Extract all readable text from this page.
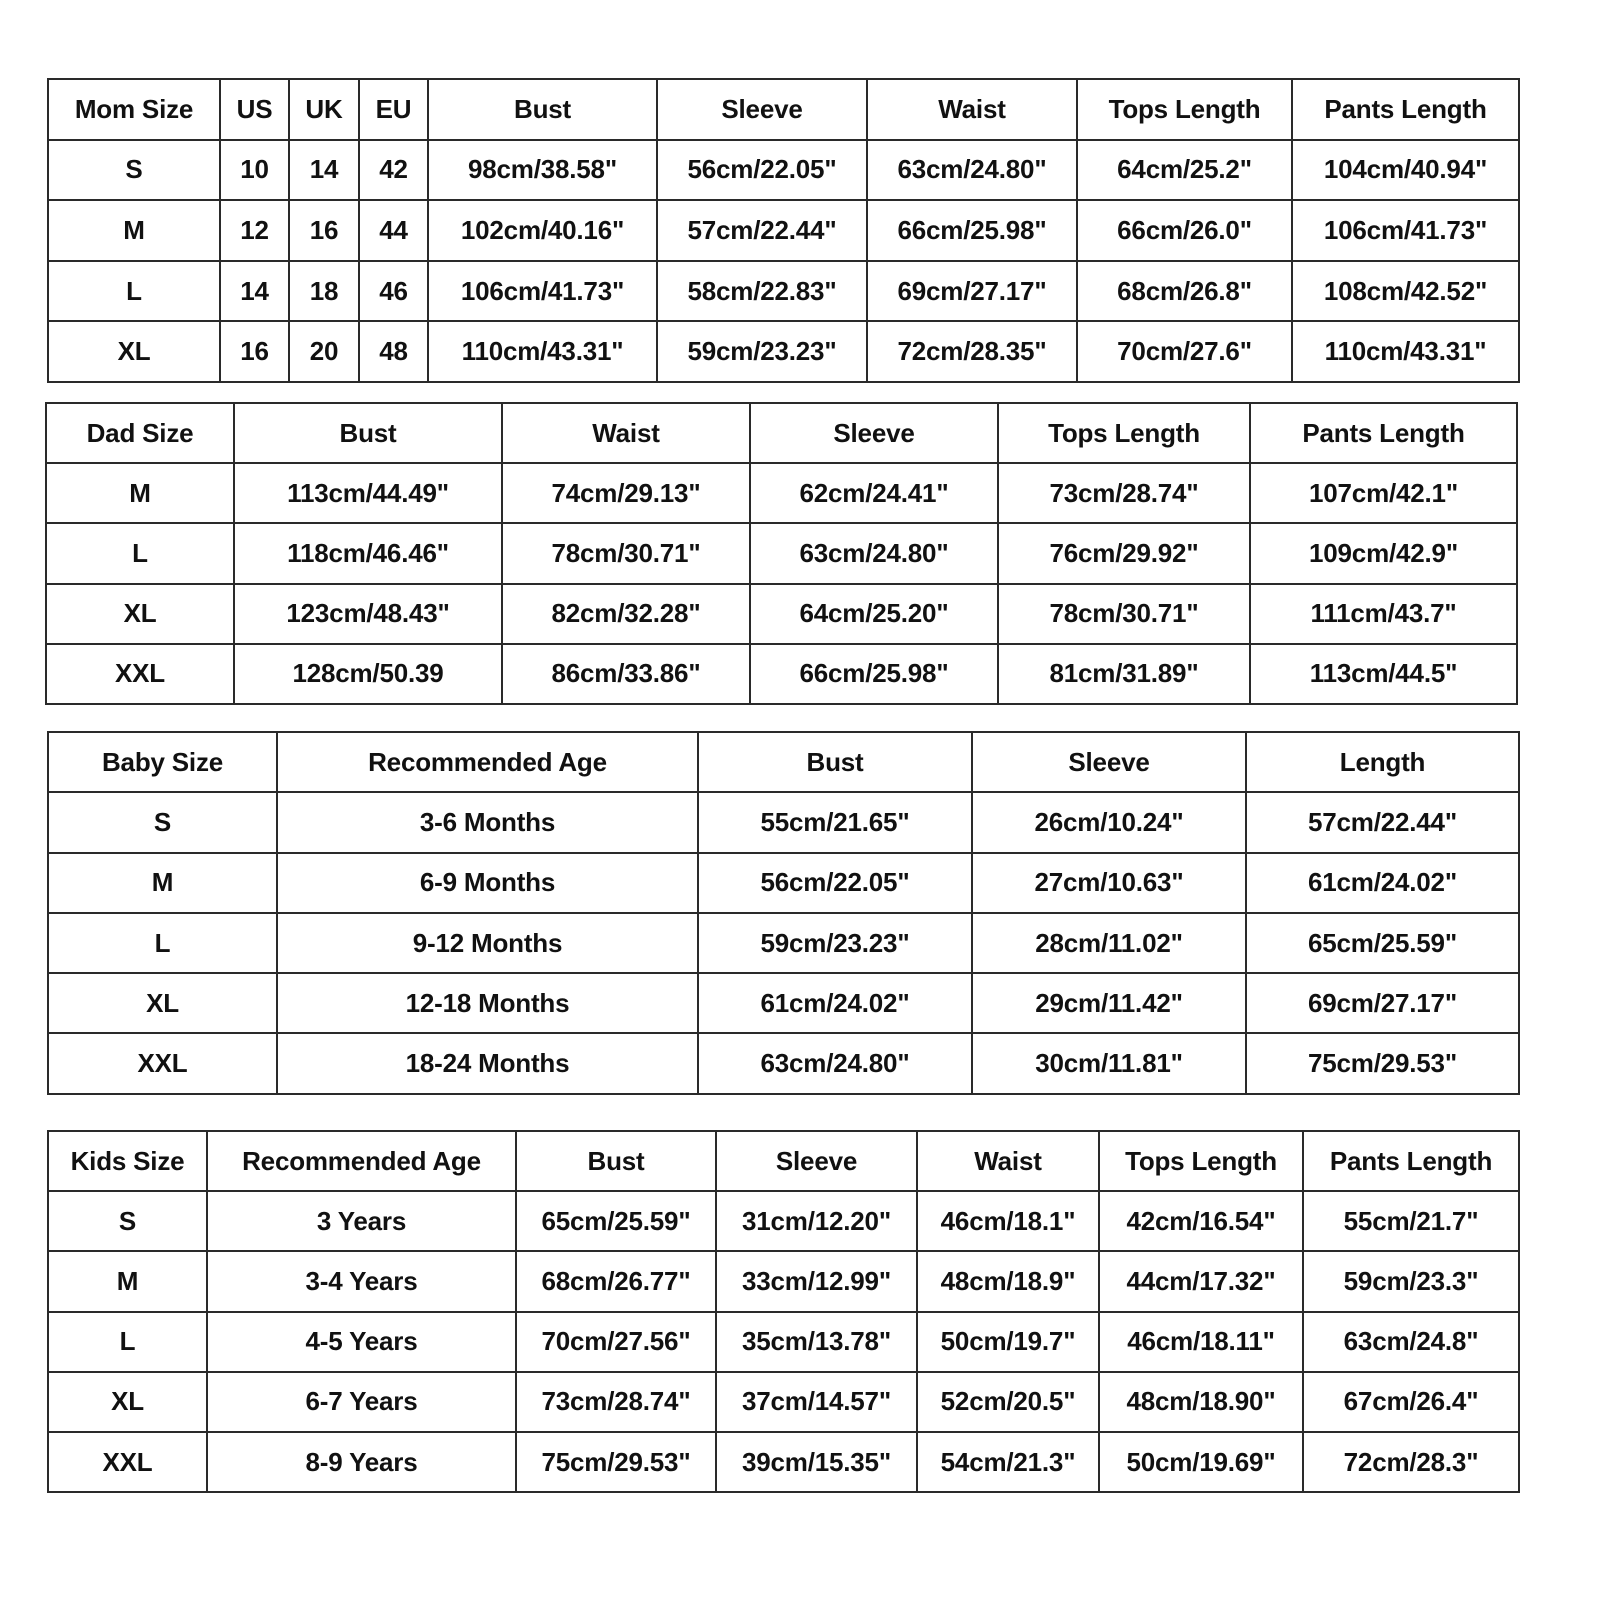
Mom Size	US	UK	EU	Bust	Sleeve	Waist	Tops Length	Pants Length
S	10	14	42	98cm/38.58"	56cm/22.05"	63cm/24.80"	64cm/25.2"	104cm/40.94"
M	12	16	44	102cm/40.16"	57cm/22.44"	66cm/25.98"	66cm/26.0"	106cm/41.73"
L	14	18	46	106cm/41.73"	58cm/22.83"	69cm/27.17"	68cm/26.8"	108cm/42.52"
XL	16	20	48	110cm/43.31"	59cm/23.23"	72cm/28.35"	70cm/27.6"	110cm/43.31"
Dad Size	Bust	Waist	Sleeve	Tops Length	Pants Length
M	113cm/44.49"	74cm/29.13"	62cm/24.41"	73cm/28.74"	107cm/42.1"
L	118cm/46.46"	78cm/30.71"	63cm/24.80"	76cm/29.92"	109cm/42.9"
XL	123cm/48.43"	82cm/32.28"	64cm/25.20"	78cm/30.71"	111cm/43.7"
XXL	128cm/50.39	86cm/33.86"	66cm/25.98"	81cm/31.89"	113cm/44.5"
Baby Size	Recommended Age	Bust	Sleeve	Length
S	3-6 Months	55cm/21.65"	26cm/10.24"	57cm/22.44"
M	6-9 Months	56cm/22.05"	27cm/10.63"	61cm/24.02"
L	9-12 Months	59cm/23.23"	28cm/11.02"	65cm/25.59"
XL	12-18 Months	61cm/24.02"	29cm/11.42"	69cm/27.17"
XXL	18-24 Months	63cm/24.80"	30cm/11.81"	75cm/29.53"
Kids Size	Recommended Age	Bust	Sleeve	Waist	Tops Length	Pants Length
S	3 Years	65cm/25.59"	31cm/12.20"	46cm/18.1"	42cm/16.54"	55cm/21.7"
M	3-4 Years	68cm/26.77"	33cm/12.99"	48cm/18.9"	44cm/17.32"	59cm/23.3"
L	4-5 Years	70cm/27.56"	35cm/13.78"	50cm/19.7"	46cm/18.11"	63cm/24.8"
XL	6-7 Years	73cm/28.74"	37cm/14.57"	52cm/20.5"	48cm/18.90"	67cm/26.4"
XXL	8-9 Years	75cm/29.53"	39cm/15.35"	54cm/21.3"	50cm/19.69"	72cm/28.3"
